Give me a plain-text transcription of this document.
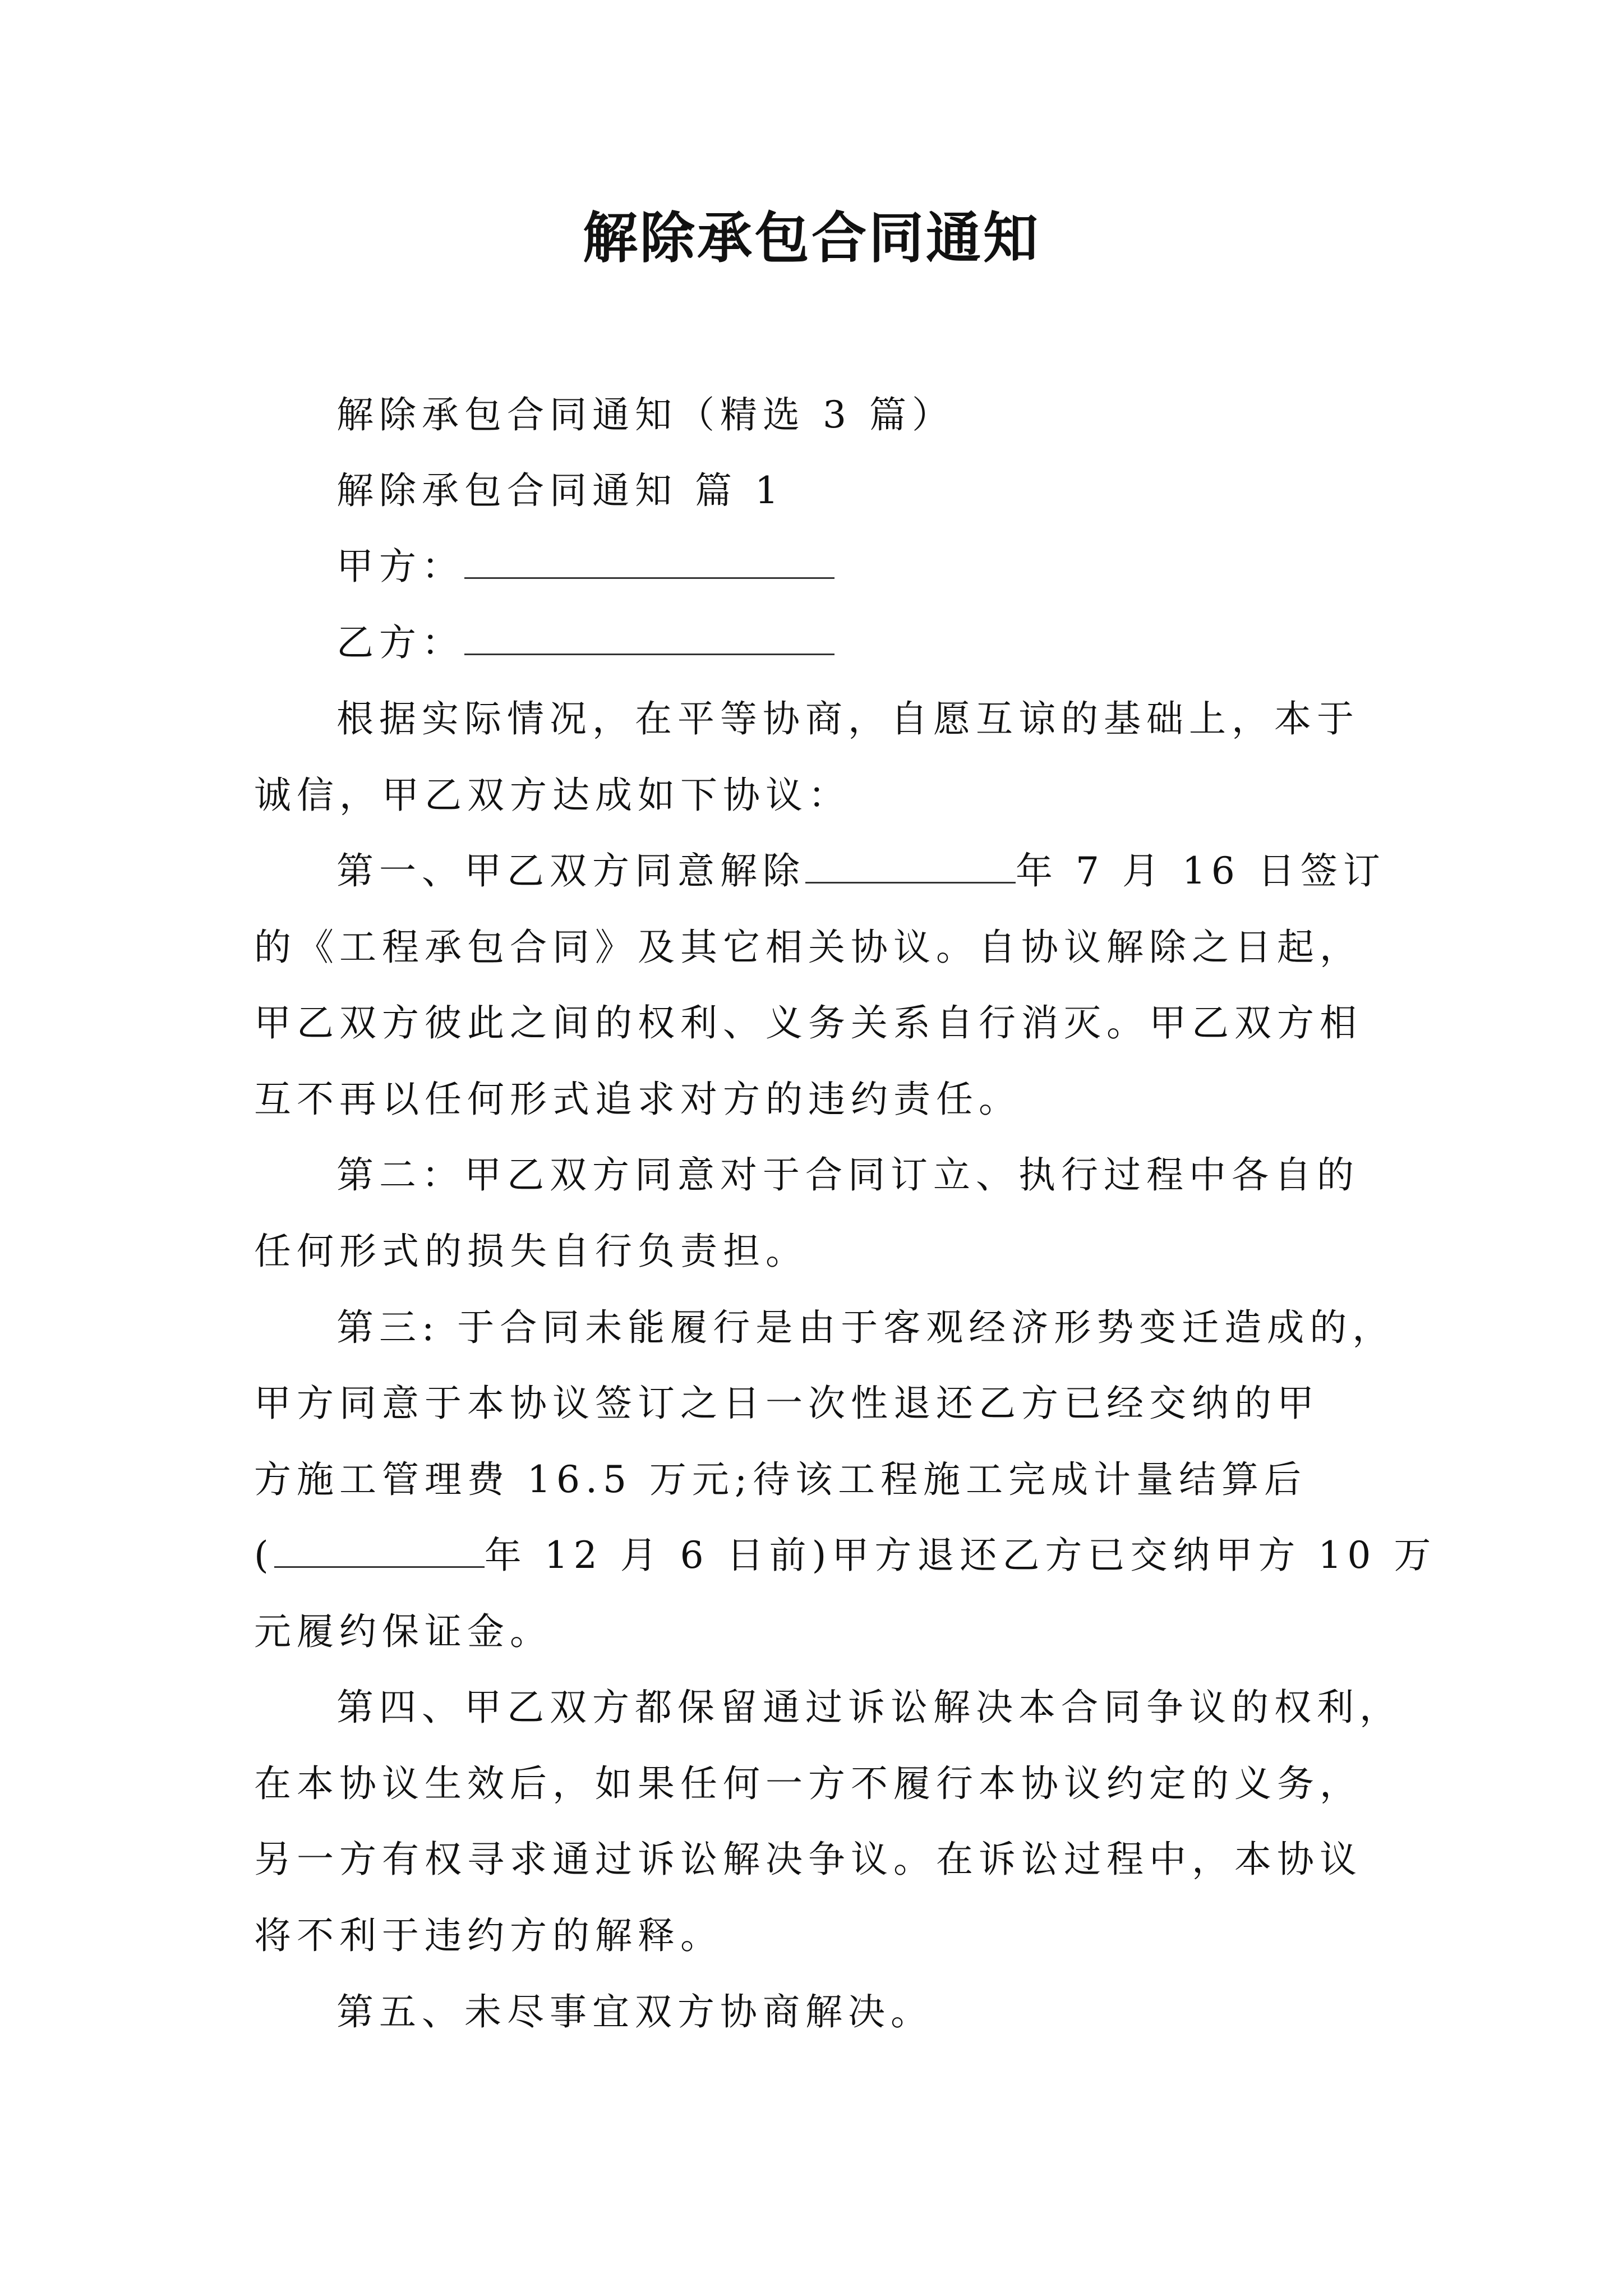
解除承包合同通知
解除承包合同通知（精选 3 篇）
解除承包合同通知 篇 1
甲方：
乙方：
根据实际情况，在平等协商，自愿互谅的基础上，本于
诚信，甲乙双方达成如下协议：
第一、甲乙双方同意解除	年 7 月 16 日签订
的《工程承包合同》及其它相关协议。自协议解除之日起，
甲乙双方彼此之间的权利、义务关系自行消灭。甲乙双方相
互不再以任何形式追求对方的违约责任。
第二：甲乙双方同意对于合同订立、执行过程中各自的
任何形式的损失自行负责担。
第三: 于合同未能履行是由于客观经济形势变迁造成的，
甲方同意于本协议签订之日一次性退还乙方已经交纳的甲
方施工管理费 16.5 万元;待该工程施工完成计量结算后
(	年 12 月 6 日前)甲方退还乙方已交纳甲方 10 万
元履约保证金。
第四、甲乙双方都保留通过诉讼解决本合同争议的权利，
在本协议生效后，如果任何一方不履行本协议约定的义务，
另一方有权寻求通过诉讼解决争议。在诉讼过程中，本协议
将不利于违约方的解释。
第五、未尽事宜双方协商解决。
